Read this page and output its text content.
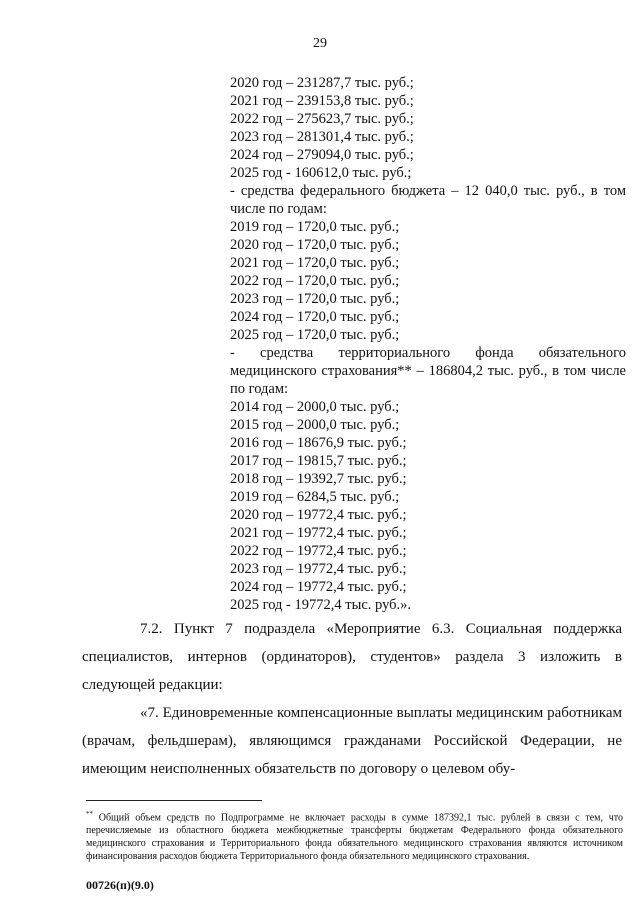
29
2020 год – 231287,7 тыс. руб.;
2021 год – 239153,8 тыс. руб.;
2022 год – 275623,7 тыс. руб.;
2023 год – 281301,4 тыс. руб.;
2024 год – 279094,0 тыс. руб.;
2025 год - 160612,0 тыс. руб.;
- средства федерального бюджета – 12 040,0 тыс. руб., в том числе по годам:
2019 год – 1720,0 тыс. руб.;
2020 год – 1720,0 тыс. руб.;
2021 год – 1720,0 тыс. руб.;
2022 год – 1720,0 тыс. руб.;
2023 год – 1720,0 тыс. руб.;
2024 год – 1720,0 тыс. руб.;
2025 год – 1720,0 тыс. руб.;
- средства территориального фонда обязательного медицинского страхования** – 186804,2 тыс. руб., в том числе по годам:
2014 год – 2000,0 тыс. руб.;
2015 год – 2000,0 тыс. руб.;
2016 год – 18676,9 тыс. руб.;
2017 год – 19815,7 тыс. руб.;
2018 год – 19392,7 тыс. руб.;
2019 год – 6284,5 тыс. руб.;
2020 год – 19772,4 тыс. руб.;
2021 год – 19772,4 тыс. руб.;
2022 год – 19772,4 тыс. руб.;
2023 год – 19772,4 тыс. руб.;
2024 год – 19772,4 тыс. руб.;
2025 год - 19772,4 тыс. руб.».

7.2. Пункт 7 подраздела «Мероприятие 6.3. Социальная поддержка специалистов, интернов (ординаторов), студентов» раздела 3 изложить в следующей редакции:

«7. Единовременные компенсационные выплаты медицинским работникам (врачам, фельдшерам), являющимся гражданами Российской Федерации, не имеющим неисполненных обязательств по договору о целевом обу-

** Общий объем средств по Подпрограмме не включает расходы в сумме 187392,1 тыс. рублей в связи с тем, что перечисляемые из областного бюджета межбюджетные трансферты бюджетам Федерального фонда обязательного медицинского страхования и Территориального фонда обязательного медицинского страхования являются источником финансирования расходов бюджета Территориального фонда обязательного медицинского страхования.
00726(п)(9.0)
